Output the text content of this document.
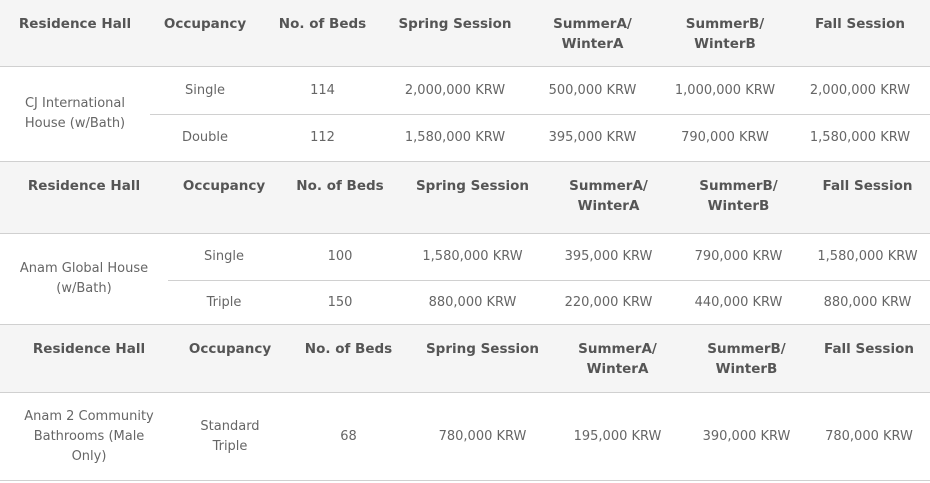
Residence Hall	Occupancy	No. of Beds	Spring Session	SummerA/ WinterA	SummerB/ WinterB	Fall Session
CJ International House (w/Bath)	Single	114	2,000,000 KRW	500,000 KRW	1,000,000 KRW	2,000,000 KRW
	Double	112	1,580,000 KRW	395,000 KRW	790,000 KRW	1,580,000 KRW
Residence Hall	Occupancy	No. of Beds	Spring Session	SummerA/ WinterA	SummerB/ WinterB	Fall Session
Anam Global House (w/Bath)	Single	100	1,580,000 KRW	395,000 KRW	790,000 KRW	1,580,000 KRW
	Triple	150	880,000 KRW	220,000 KRW	440,000 KRW	880,000 KRW
Residence Hall	Occupancy	No. of Beds	Spring Session	SummerA/ WinterA	SummerB/ WinterB	Fall Session
Anam 2 Community Bathrooms (Male Only)	Standard Triple	68	780,000 KRW	195,000 KRW	390,000 KRW	780,000 KRW
